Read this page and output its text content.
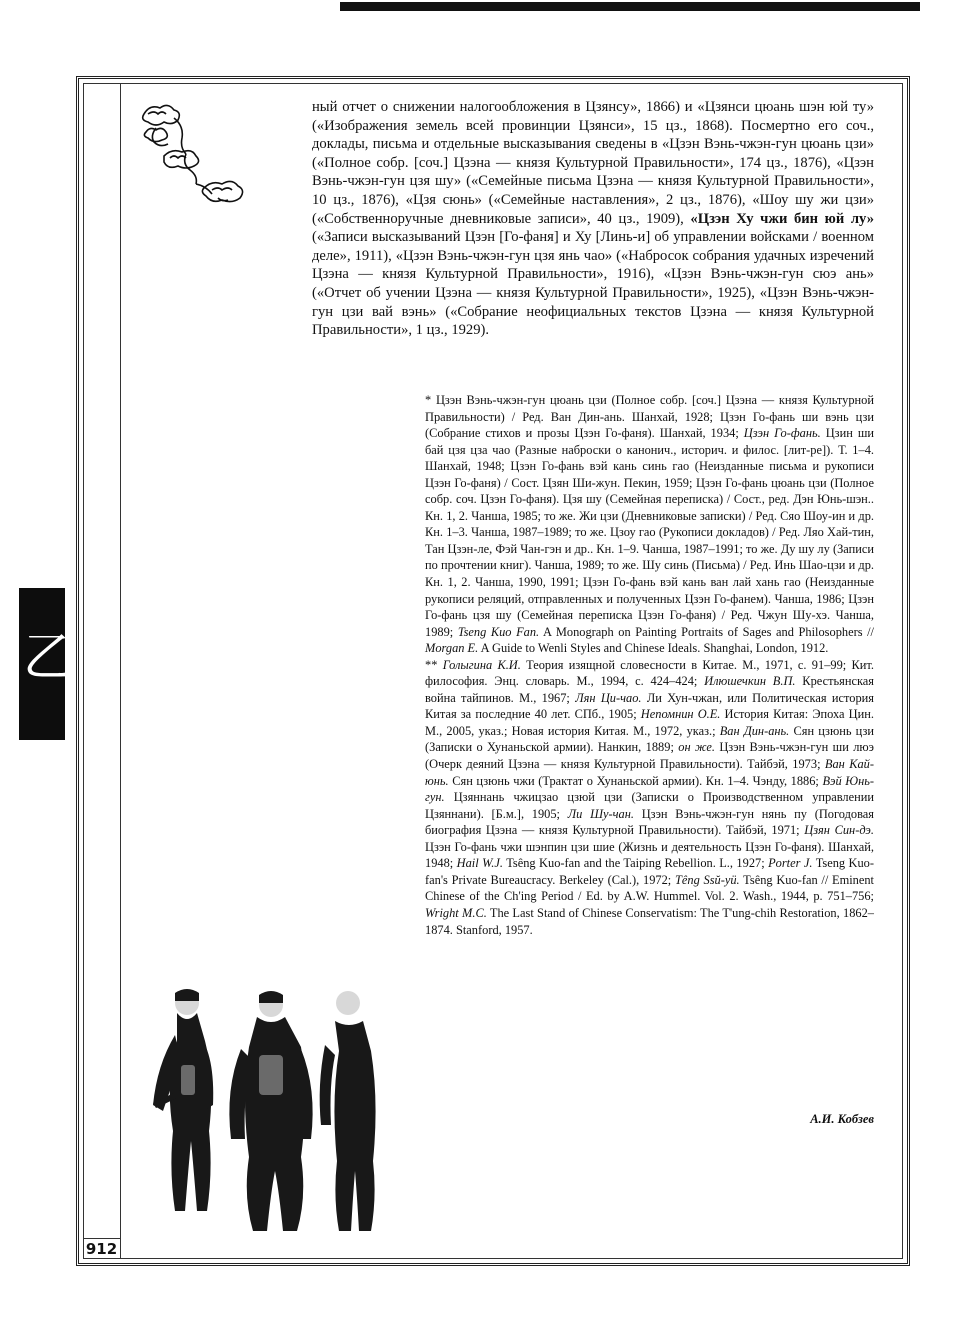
乙
912

ный отчет о снижении налогообложения в Цзянсу», 1866) и «Цзянси цюань шэн юй ту» («Изображения земель всей провинции Цзянси», 15 цз., 1868). Посмертно его соч., доклады, письма и отдельные высказывания сведены в «Цзэн Вэнь-чжэн-гун цюань цзи» («Полное собр. [соч.] Цзэна — князя Культурной Правильности», 174 цз., 1876), «Цзэн Вэнь-чжэн-гун цзя шу» («Семейные письма Цзэна — князя Культурной Правильности», 10 цз., 1876), «Цзя сюнь» («Семейные наставления», 2 цз., 1876), «Шоу шу жи цзи» («Собственноручные дневниковые записи», 40 цз., 1909), «Цзэн Ху чжи бин юй лу» («Записи высказываний Цзэн [Го-фаня] и Ху [Линь-и] об управлении войсками / военном деле», 1911), «Цзэн Вэнь-чжэн-гун цзя янь чао» («Набросок собрания удачных изречений Цзэна — князя Культурной Правильности», 1916), «Цзэн Вэнь-чжэн-гун сюэ ань» («Отчет об учении Цзэна — князя Культурной Правильности», 1925), «Цзэн Вэнь-чжэн-гун цзи вай вэнь» («Собрание неофициальных текстов Цзэна — князя Культурной Правильности», 1 цз., 1929).

* Цзэн Вэнь-чжэн-гун цюань цзи (Полное собр. [соч.] Цзэна — князя Культурной Правильности) / Ред. Ван Дин-ань. Шанхай, 1928; Цзэн Го-фань ши вэнь цзи (Собрание стихов и прозы Цзэн Го-фаня). Шанхай, 1934; Цзэн Го-фань. Цзин ши бай цзя цза чао (Разные наброски о канонич., историч. и филос. [лит-ре]). Т. 1–4. Шанхай, 1948; Цзэн Го-фань вэй кань синь гао (Неизданные письма и рукописи Цзэн Го-фаня) / Сост. Цзян Ши-жун. Пекин, 1959; Цзэн Го-фань цюань цзи (Полное собр. соч. Цзэн Го-фаня). Цзя шу (Семейная переписка) / Сост., ред. Дэн Юнь-шэн.. Кн. 1, 2. Чанша, 1985; то же. Жи цзи (Дневниковые записки) / Ред. Сяо Шоу-ин и др. Кн. 1–3. Чанша, 1987–1989; то же. Цзоу гао (Рукописи докладов) / Ред. Ляо Хай-тин, Тан Цзэн-ле, Фэй Чан-гэн и др.. Кн. 1–9. Чанша, 1987–1991; то же. Ду шу лу (Записи по прочтении книг). Чанша, 1989; то же. Шу синь (Письма) / Ред. Инь Шао-цзи и др. Кн. 1, 2. Чанша, 1990, 1991; Цзэн Го-фань вэй кань ван лай хань гао (Неизданные рукописи реляций, отправленных и полученных Цзэн Го-фанем). Чанша, 1986; Цзэн Го-фань цзя шу (Семейная переписка Цзэн Го-фаня) / Ред. Чжун Шу-хэ. Чанша, 1989; Tseng Kuo Fan. A Monograph on Painting Portraits of Sages and Philosophers // Morgan E. A Guide to Wenli Styles and Chinese Ideals. Shanghai, London, 1912.
** Голыгина К.И. Теория изящной словесности в Китае. М., 1971, с. 91–99; Кит. философия. Энц. словарь. М., 1994, с. 424–424; Илюшечкин В.П. Крестьянская война тайпинов. М., 1967; Лян Ци-чао. Ли Хун-чжан, или Политическая история Китая за последние 40 лет. СПб., 1905; Непомнин О.Е. История Китая: Эпоха Цин. М., 2005, указ.; Новая история Китая. М., 1972, указ.; Ван Дин-ань. Сян цзюнь цзи (Записки о Хунаньской армии). Нанкин, 1889; он же. Цзэн Вэнь-чжэн-гун ши люэ (Очерк деяний Цзэна — князя Культурной Правильности). Тайбэй, 1973; Ван Кай-юнь. Сян цзюнь чжи (Трактат о Хунаньской армии). Кн. 1–4. Чэнду, 1886; Вэй Юнь-гун. Цзяннань чжицзао цзюй цзи (Записки о Производственном управлении Цзяннани). [Б.м.], 1905; Ли Шу-чан. Цзэн Вэнь-чжэн-гун нянь пу (Погодовая биография Цзэна — князя Культурной Правильности). Тайбэй, 1971; Цзян Син-дэ. Цзэн Го-фань чжи шэнпин цзи шие (Жизнь и деятельность Цзэн Го-фаня). Шанхай, 1948; Hail W.J. Tsêng Kuo-fan and the Taiping Rebellion. L., 1927; Porter J. Tseng Kuo-fan's Private Bureaucracy. Berkeley (Cal.), 1972; Têng Ssŭ-yü. Tsêng Kuo-fan // Eminent Chinese of the Ch'ing Period / Ed. by A.W. Hummel. Vol. 2. Wash., 1944, p. 751–756; Wright M.C. The Last Stand of Chinese Conservatism: The T'ung-chih Restoration, 1862–1874. Stanford, 1957.
А.И. Кобзев
